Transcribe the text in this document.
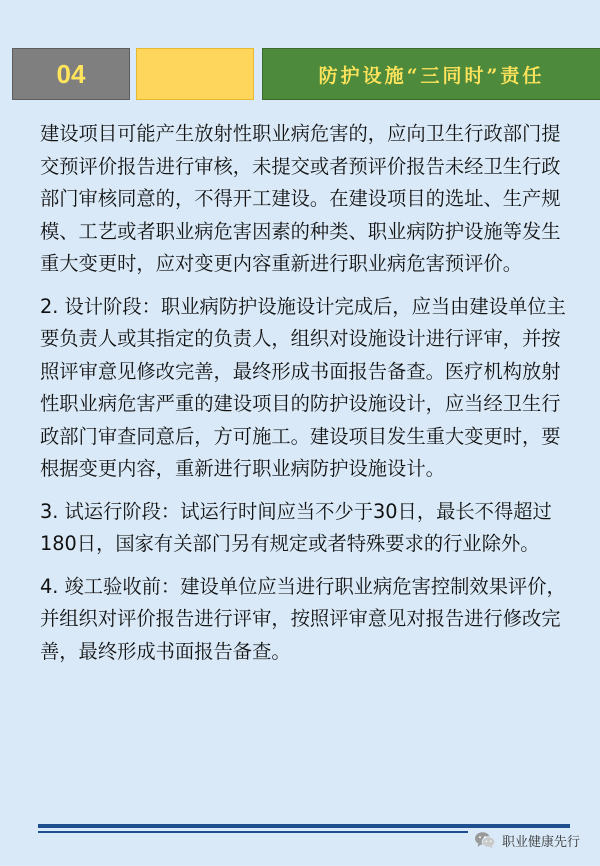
04	防护设施“三同时”责任

建设项目可能产生放射性职业病危害的，应向卫生行政部门提交预评价报告进行审核，未提交或者预评价报告未经卫生行政部门审核同意的，不得开工建设。在建设项目的选址、生产规模、工艺或者职业病危害因素的种类、职业病防护设施等发生重大变更时，应对变更内容重新进行职业病危害预评价。

2. 设计阶段：职业病防护设施设计完成后，应当由建设单位主要负责人或其指定的负责人，组织对设施设计进行评审，并按照评审意见修改完善，最终形成书面报告备查。医疗机构放射性职业病危害严重的建设项目的防护设施设计，应当经卫生行政部门审查同意后，方可施工。建设项目发生重大变更时，要根据变更内容，重新进行职业病防护设施设计。

3. 试运行阶段：试运行时间应当不少于30日，最长不得超过180日，国家有关部门另有规定或者特殊要求的行业除外。

4. 竣工验收前：建设单位应当进行职业病危害控制效果评价，并组织对评价报告进行评审，按照评审意见对报告进行修改完善，最终形成书面报告备查。

职业健康先行
